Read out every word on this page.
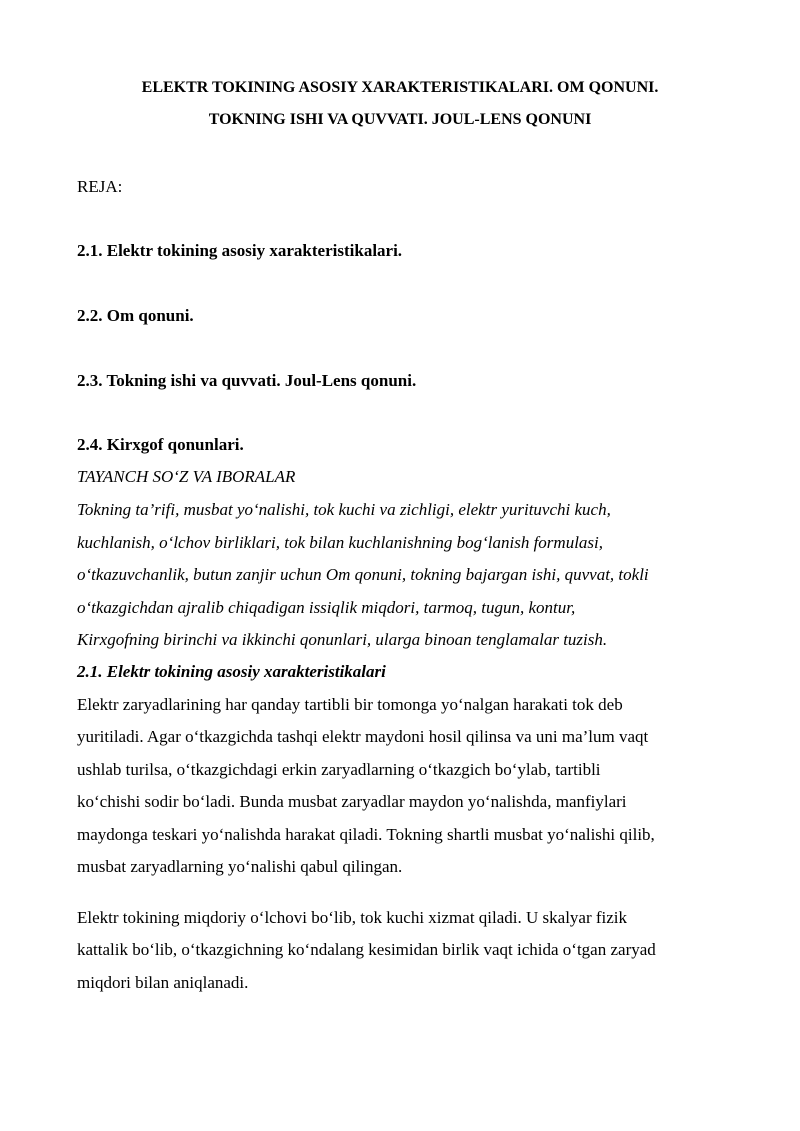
ELEKTR TOKINING ASOSIY XARAKTERISTIKALARI. OM QONUNI.
TOKNING ISHI VA QUVVATI. JOUL-LENS QONUNI
REJA:
2.1. Elektr tokining asosiy xarakteristikalari.
2.2. Om qonuni.
2.3. Tokning ishi va quvvati. Joul-Lens qonuni.
2.4. Kirxgof qonunlari.
TAYANCH SO‘Z VA IBORALAR
Tokning ta’rifi, musbat yo‘nalishi, tok kuchi va zichligi, elektr yurituvchi kuch,
kuchlanish, o‘lchov birliklari, tok bilan kuchlanishning bog‘lanish formulasi,
o‘tkazuvchanlik, butun zanjir uchun Om qonuni, tokning bajargan ishi, quvvat, tokli
o‘tkazgichdan ajralib chiqadigan issiqlik miqdori, tarmoq, tugun, kontur,
Kirxgofning birinchi va ikkinchi qonunlari, ularga binoan tenglamalar tuzish.
2.1. Elektr tokining asosiy xarakteristikalari
Elektr zaryadlarining har qanday tartibli bir tomonga yo‘nalgan harakati tok deb
yuritiladi. Agar o‘tkazgichda tashqi elektr maydoni hosil qilinsa va uni ma’lum vaqt
ushlab turilsa, o‘tkazgichdagi erkin zaryadlarning o‘tkazgich bo‘ylab, tartibli
ko‘chishi sodir bo‘ladi. Bunda musbat zaryadlar maydon yo‘nalishda, manfiylari
maydonga teskari yo‘nalishda harakat qiladi. Tokning shartli musbat yo‘nalishi qilib,
musbat zaryadlarning yo‘nalishi qabul qilingan.
Elektr tokining miqdoriy o‘lchovi bo‘lib, tok kuchi xizmat qiladi. U skalyar fizik
kattalik bo‘lib, o‘tkazgichning ko‘ndalang kesimidan birlik vaqt ichida o‘tgan zaryad
miqdori bilan aniqlanadi.
